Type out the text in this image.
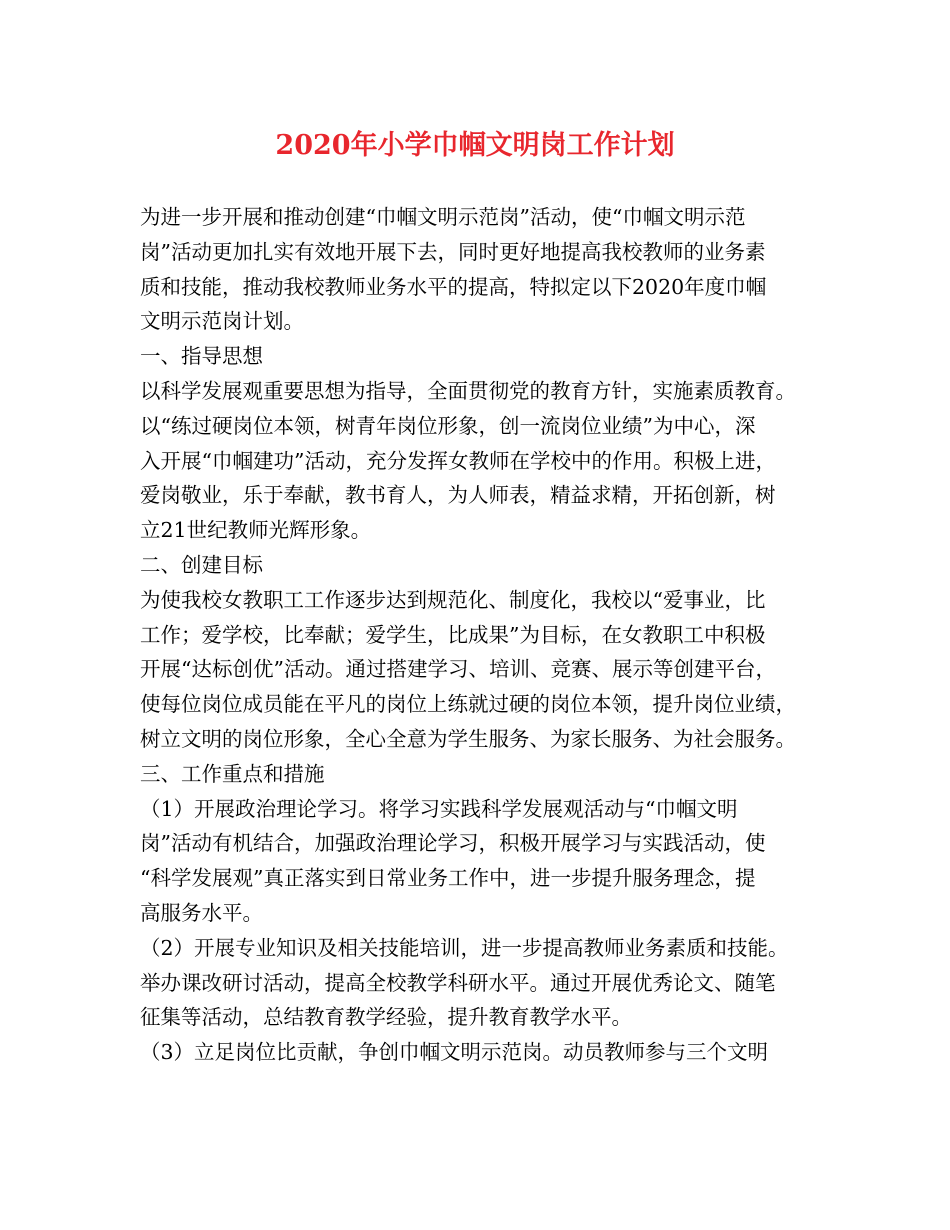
2020年小学巾帼文明岗工作计划

为进一步开展和推动创建“巾帼文明示范岗”活动，使“巾帼文明示范

岗”活动更加扎实有效地开展下去，同时更好地提高我校教师的业务素

质和技能，推动我校教师业务水平的提高，特拟定以下2020年度巾帼

文明示范岗计划。

一、指导思想

以科学发展观重要思想为指导，全面贯彻党的教育方针，实施素质教育。

以“练过硬岗位本领，树青年岗位形象，创一流岗位业绩”为中心，深

入开展“巾帼建功”活动，充分发挥女教师在学校中的作用。积极上进，

爱岗敬业，乐于奉献，教书育人，为人师表，精益求精，开拓创新，树

立21世纪教师光辉形象。

二、创建目标

为使我校女教职工工作逐步达到规范化、制度化，我校以“爱事业，比

工作；爱学校，比奉献；爱学生，比成果”为目标，在女教职工中积极

开展“达标创优”活动。通过搭建学习、培训、竞赛、展示等创建平台，

使每位岗位成员能在平凡的岗位上练就过硬的岗位本领，提升岗位业绩，

树立文明的岗位形象，全心全意为学生服务、为家长服务、为社会服务。

三、工作重点和措施

（1）开展政治理论学习。将学习实践科学发展观活动与“巾帼文明

岗”活动有机结合，加强政治理论学习，积极开展学习与实践活动，使

“科学发展观”真正落实到日常业务工作中，进一步提升服务理念，提

高服务水平。

（2）开展专业知识及相关技能培训，进一步提高教师业务素质和技能。

举办课改研讨活动，提高全校教学科研水平。通过开展优秀论文、随笔

征集等活动，总结教育教学经验，提升教育教学水平。

（3）立足岗位比贡献，争创巾帼文明示范岗。动员教师参与三个文明
